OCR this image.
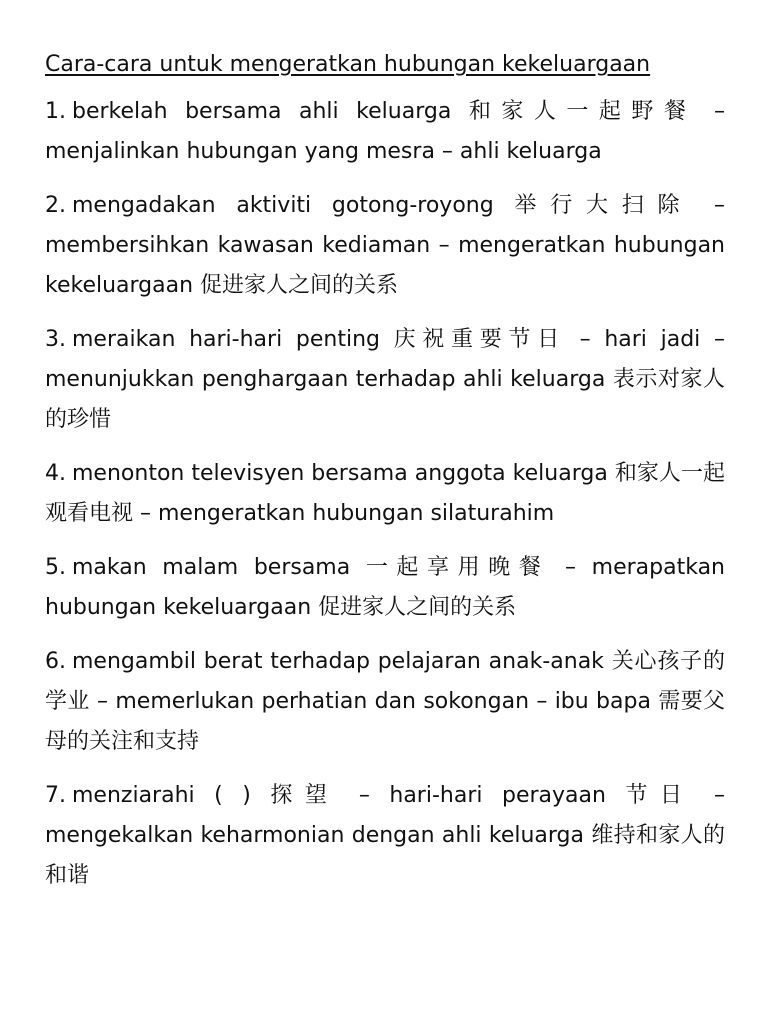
Cara-cara untuk mengeratkan hubungan kekeluargaan
1. berkelah bersama ahli keluarga 和家人一起野餐 – menjalinkan hubungan yang mesra – ahli keluarga
2. mengadakan aktiviti gotong-royong 举行大扫除 – membersihkan kawasan kediaman – mengeratkan hubungan kekeluargaan 促进家人之间的关系
3. meraikan hari-hari penting 庆祝重要节日 – hari jadi – menunjukkan penghargaan terhadap ahli keluarga 表示对家人的珍惜
4. menonton televisyen bersama anggota keluarga 和家人一起观看电视 – mengeratkan hubungan silaturahim
5. makan malam bersama 一起享用晚餐 – merapatkan hubungan kekeluargaan 促进家人之间的关系
6. mengambil berat terhadap pelajaran anak-anak 关心孩子的学业 – memerlukan perhatian dan sokongan – ibu bapa 需要父母的关注和支持
7. menziarahi ( ) 探望 – hari-hari perayaan 节日 – mengekalkan keharmonian dengan ahli keluarga 维持和家人的和谐
